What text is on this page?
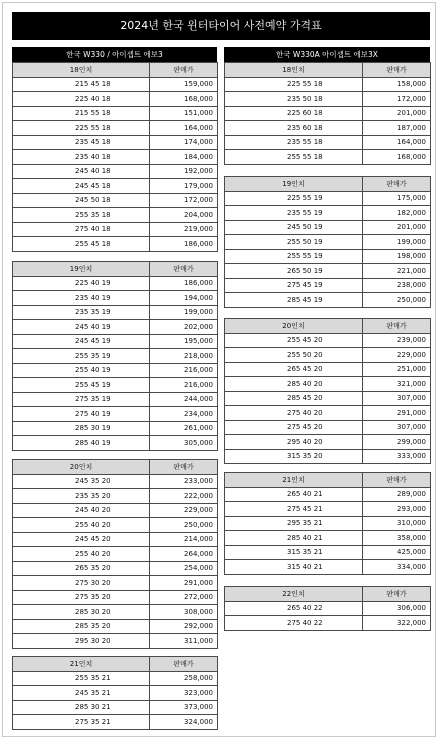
2024년 한국 윈터타이어 사전예약 가격표
한국 W330 / 아이셉트 에보3	한국 W330A 아이셉트 에보3X
18인치	판매가
215 45 18	159,000
225 40 18	168,000
215 55 18	151,000
225 55 18	164,000
235 45 18	174,000
235 40 18	184,000
245 40 18	192,000
245 45 18	179,000
245 50 18	172,000
255 35 18	204,000
275 40 18	219,000
255 45 18	186,000
19인치	판매가
225 40 19	186,000
235 40 19	194,000
235 35 19	199,000
245 40 19	202,000
245 45 19	195,000
255 35 19	218,000
255 40 19	216,000
255 45 19	216,000
275 35 19	244,000
275 40 19	234,000
285 30 19	261,000
285 40 19	305,000
20인치	판매가
245 35 20	233,000
235 35 20	222,000
245 40 20	229,000
255 40 20	250,000
245 45 20	214,000
255 40 20	264,000
265 35 20	254,000
275 30 20	291,000
275 35 20	272,000
285 30 20	308,000
285 35 20	292,000
295 30 20	311,000
21인치	판매가
255 35 21	258,000
245 35 21	323,000
285 30 21	373,000
275 35 21	324,000
18인치	판매가
225 55 18	158,000
235 50 18	172,000
225 60 18	201,000
235 60 18	187,000
235 55 18	164,000
255 55 18	168,000
19인치	판매가
225 55 19	175,000
235 55 19	182,000
245 50 19	201,000
255 50 19	199,000
255 55 19	198,000
265 50 19	221,000
275 45 19	238,000
285 45 19	250,000
20인치	판매가
255 45 20	239,000
255 50 20	229,000
265 45 20	251,000
285 40 20	321,000
285 45 20	307,000
275 40 20	291,000
275 45 20	307,000
295 40 20	299,000
315 35 20	333,000
21인치	판매가
265 40 21	289,000
275 45 21	293,000
295 35 21	310,000
285 40 21	358,000
315 35 21	425,000
315 40 21	334,000
22인치	판매가
265 40 22	306,000
275 40 22	322,000
